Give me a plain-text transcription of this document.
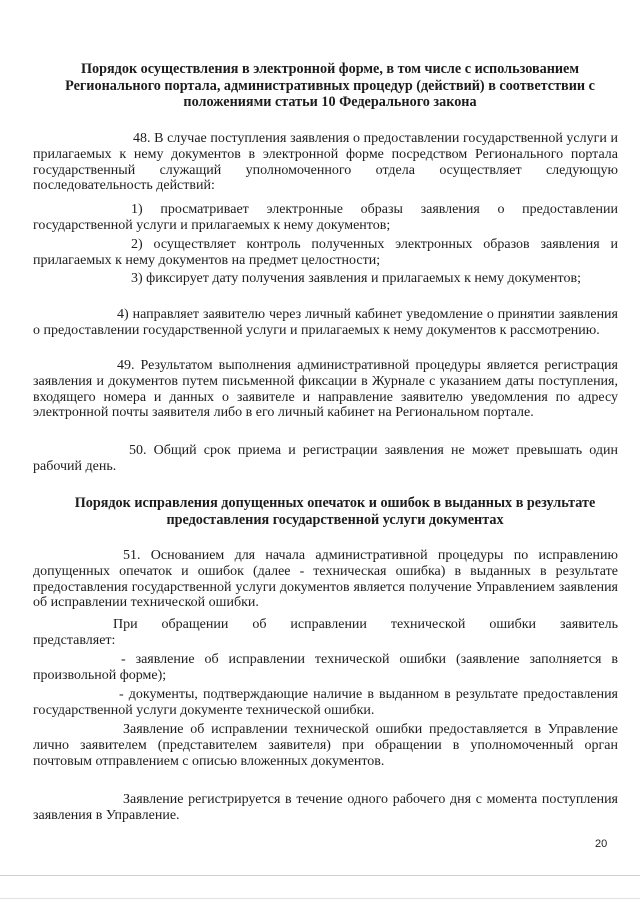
Порядок осуществления в электронной форме, в том числе с использованием Регионального портала, административных процедур (действий) в соответствии с положениями статьи 10 Федерального закона

48. В случае поступления заявления о предоставлении государственной услуги и прилагаемых к нему документов в электронной форме посредством Регионального портала государственный служащий уполномоченного отдела осуществляет следующую последовательность действий:

1) просматривает электронные образы заявления о предоставлении государственной услуги и прилагаемых к нему документов;

2) осуществляет контроль полученных электронных образов заявления и прилагаемых к нему документов на предмет целостности;

3) фиксирует дату получения заявления и прилагаемых к нему документов;

4) направляет заявителю через личный кабинет уведомление о принятии заявления о предоставлении государственной услуги и прилагаемых к нему документов к рассмотрению.

49. Результатом выполнения административной процедуры является регистрация заявления и документов путем письменной фиксации в Журнале с указанием даты поступления, входящего номера и данных о заявителе и направление заявителю уведомления по адресу электронной почты заявителя либо в его личный кабинет на Региональном портале.

50. Общий срок приема и регистрации заявления не может превышать один рабочий день.

Порядок исправления допущенных опечаток и ошибок в выданных в результате предоставления государственной услуги документах

51. Основанием для начала административной процедуры по исправлению допущенных опечаток и ошибок (далее - техническая ошибка) в выданных в результате предоставления государственной услуги документов является получение Управлением заявления об исправлении технической ошибки.

При обращении об исправлении технической ошибки заявитель представляет:

- заявление об исправлении технической ошибки (заявление заполняется в произвольной форме);

- документы, подтверждающие наличие в выданном в результате предоставления государственной услуги документе технической ошибки.

Заявление об исправлении технической ошибки предоставляется в Управление лично заявителем (представителем заявителя) при обращении в уполномоченный орган почтовым отправлением с описью вложенных документов.

Заявление регистрируется в течение одного рабочего дня с момента поступления заявления в Управление.

20
